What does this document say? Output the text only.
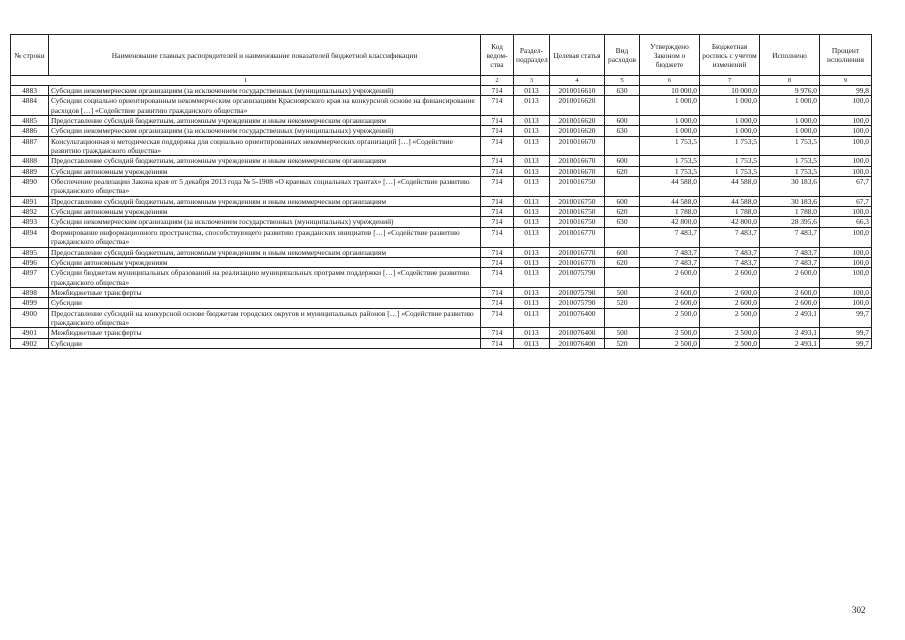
№ строки	Наименование главных распорядителей и наименование показателей бюджетной классификации	Код ведом- ства	Раздел- подраздел	Целевая статья	Вид расходов	Утверждено Законом о бюджете	Бюджетная роспись с учетом изменений	Исполнено	Процент исполнения
1		2	3	4	5	6	7	8	9
4883	Субсидии некоммерческим организациям (за исключением государственных (муниципальных) учреждений)	714	0113	2010016610	630	10 000,0	10 000,0	9 976,0	99,8
4884	Субсидии социально ориентированным некоммерческим организациям Красноярского края на конкурсной основе на финансирование расходов […] «Содействие развитию гражданского общества»	714	0113	2010016620		1 000,0	1 000,0	1 000,0	100,0
4885	Предоставление субсидий бюджетным, автономным учреждениям и иным некоммерческим организациям	714	0113	2010016620	600	1 000,0	1 000,0	1 000,0	100,0
4886	Субсидии некоммерческим организациям (за исключением государственных (муниципальных) учреждений)	714	0113	2010016620	630	1 000,0	1 000,0	1 000,0	100,0
4887	Консультационная и методическая поддержка для социально ориентированных некоммерческих организаций […] «Содействие развитию гражданского общества»	714	0113	2010016670		1 753,5	1 753,5	1 753,5	100,0
4888	Предоставление субсидий бюджетным, автономным учреждениям и иным некоммерческим организациям	714	0113	2010016670	600	1 753,5	1 753,5	1 753,5	100,0
4889	Субсидии автономным учреждениям	714	0113	2010016670	620	1 753,5	1 753,5	1 753,5	100,0
4890	Обеспечение реализации Закона края от 5 декабря 2013 года № 5-1908 «О краевых социальных грантах» […] «Содействие развитию гражданского общества»	714	0113	2010016750		44 588,0	44 588,0	30 183,6	67,7
4891	Предоставление субсидий бюджетным, автономным учреждениям и иным некоммерческим организациям	714	0113	2010016750	600	44 588,0	44 588,0	30 183,6	67,7
4892	Субсидии автономным учреждениям	714	0113	2010016750	620	1 788,0	1 788,0	1 788,0	100,0
4893	Субсидии некоммерческим организациям (за исключением государственных (муниципальных) учреждений)	714	0113	2010016750	630	42 800,0	42 800,0	28 395,6	66,3
4894	Формирование информационного пространства, способствующего развитию гражданских инициатив […] «Содействие развитию гражданского общества»	714	0113	2010016770		7 483,7	7 483,7	7 483,7	100,0
4895	Предоставление субсидий бюджетным, автономным учреждениям и иным некоммерческим организациям	714	0113	2010016770	600	7 483,7	7 483,7	7 483,7	100,0
4896	Субсидии автономным учреждениям	714	0113	2010016770	620	7 483,7	7 483,7	7 483,7	100,0
4897	Субсидии бюджетам муниципальных образований на реализацию муниципальных программ поддержки […] «Содействие развитию гражданского общества»	714	0113	2010075790		2 600,0	2 600,0	2 600,0	100,0
4898	Межбюджетные трансферты	714	0113	2010075790	500	2 600,0	2 600,0	2 600,0	100,0
4899	Субсидии	714	0113	2010075790	520	2 600,0	2 600,0	2 600,0	100,0
4900	Предоставление субсидий на конкурсной основе бюджетам городских округов и муниципальных районов […] «Содействие развитию гражданского общества»	714	0113	2010076400		2 500,0	2 500,0	2 493,1	99,7
4901	Межбюджетные трансферты	714	0113	2010076400	500	2 500,0	2 500,0	2 493,1	99,7
4902	Субсидии	714	0113	2010076400	520	2 500,0	2 500,0	2 493,1	99,7
302
